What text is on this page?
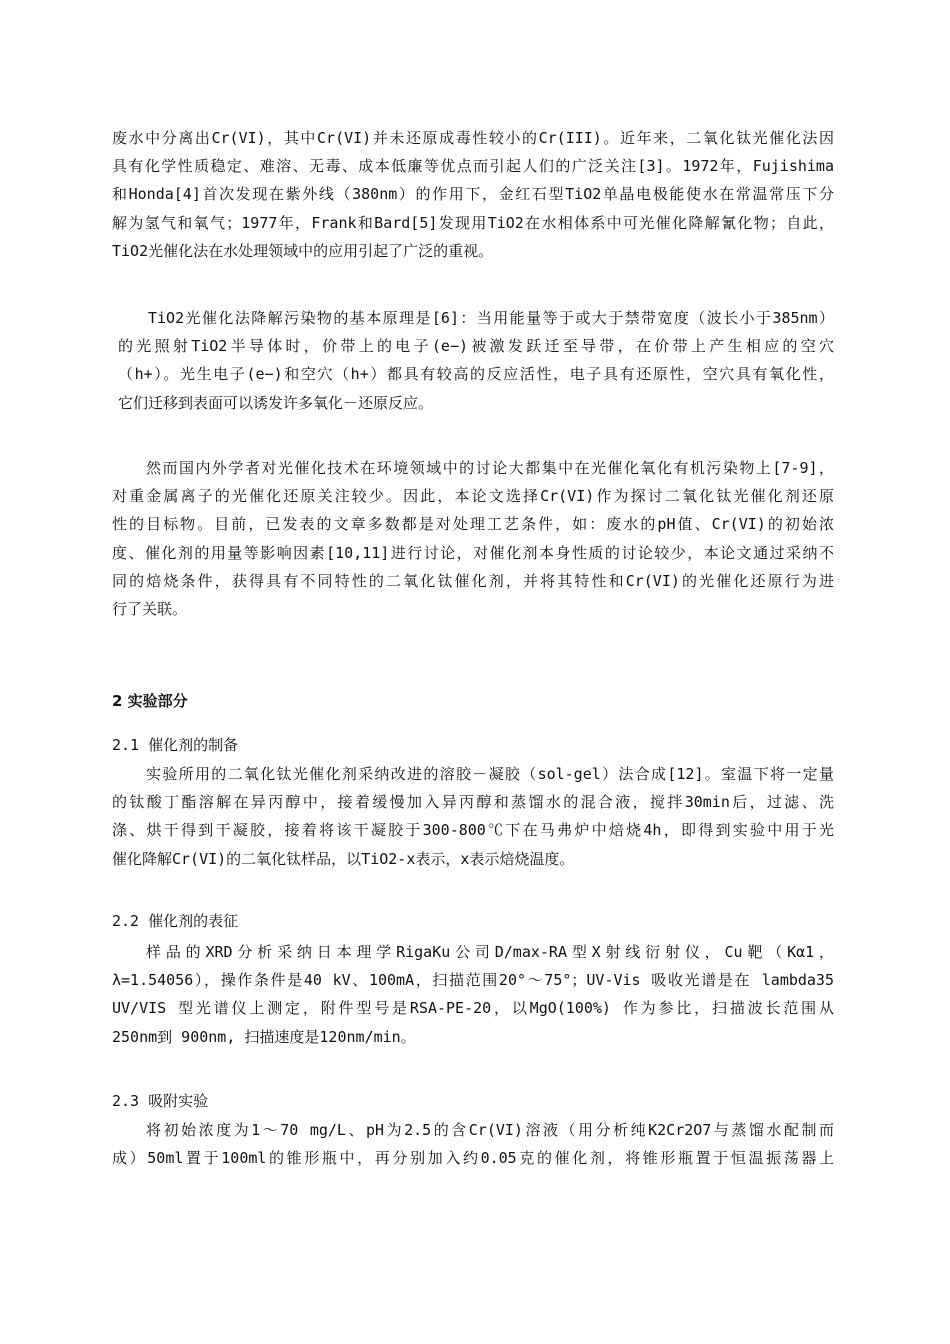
废水中分离出Cr(VI)，其中Cr(VI)并未还原成毒性较小的Cr(III)。近年来，二氧化钛光催化法因
具有化学性质稳定、难溶、无毒、成本低廉等优点而引起人们的广泛关注[3]。1972年，Fujishima
和Honda[4]首次发现在紫外线（380nm）的作用下，金红石型TiO2单晶电极能使水在常温常压下分
解为氢气和氧气；1977年，Frank和Bard[5]发现用TiO2在水相体系中可光催化降解氰化物；自此，
TiO2光催化法在水处理领域中的应用引起了广泛的重视。
TiO2光催化法降解污染物的基本原理是[6]：当用能量等于或大于禁带宽度（波长小于385nm）
的光照射TiO2半导体时，价带上的电子(e−)被激发跃迁至导带，在价带上产生相应的空穴
（h+）。光生电子(e−)和空穴（h+）都具有较高的反应活性，电子具有还原性，空穴具有氧化性，
它们迁移到表面可以诱发许多氧化－还原反应。
然而国内外学者对光催化技术在环境领域中的讨论大都集中在光催化氧化有机污染物上[7-9]，
对重金属离子的光催化还原关注较少。因此，本论文选择Cr(VI)作为探讨二氧化钛光催化剂还原
性的目标物。目前，已发表的文章多数都是对处理工艺条件，如：废水的pH值、Cr(VI)的初始浓
度、催化剂的用量等影响因素[10,11]进行讨论，对催化剂本身性质的讨论较少，本论文通过采纳不
同的焙烧条件，获得具有不同特性的二氧化钛催化剂，并将其特性和Cr(VI)的光催化还原行为进
行了关联。
2 实验部分
2.1 催化剂的制备
实验所用的二氧化钛光催化剂采纳改进的溶胶－凝胶（sol-gel）法合成[12]。室温下将一定量
的钛酸丁酯溶解在异丙醇中，接着缓慢加入异丙醇和蒸馏水的混合液，搅拌30min后，过滤、洗
涤、烘干得到干凝胶，接着将该干凝胶于300-800℃下在马弗炉中焙烧4h，即得到实验中用于光
催化降解Cr(VI)的二氧化钛样品，以TiO2-x表示，x表示焙烧温度。
2.2 催化剂的表征
样品的XRD分析采纳日本理学RigaKu公司D/max-RA型X射线衍射仪，Cu靶（Kα1，
λ=1.54056），操作条件是40 kV、100mA，扫描范围20°～75°；UV-Vis 吸收光谱是在 lambda35
UV/VIS 型光谱仪上测定，附件型号是RSA-PE-20，以MgO(100%) 作为参比，扫描波长范围从
250nm到 900nm, 扫描速度是120nm/min。
2.3 吸附实验
将初始浓度为1～70 mg/L、pH为2.5的含Cr(VI)溶液（用分析纯K2Cr2O7与蒸馏水配制而
成）50ml置于100ml的锥形瓶中，再分别加入约0.05克的催化剂，将锥形瓶置于恒温振荡器上
